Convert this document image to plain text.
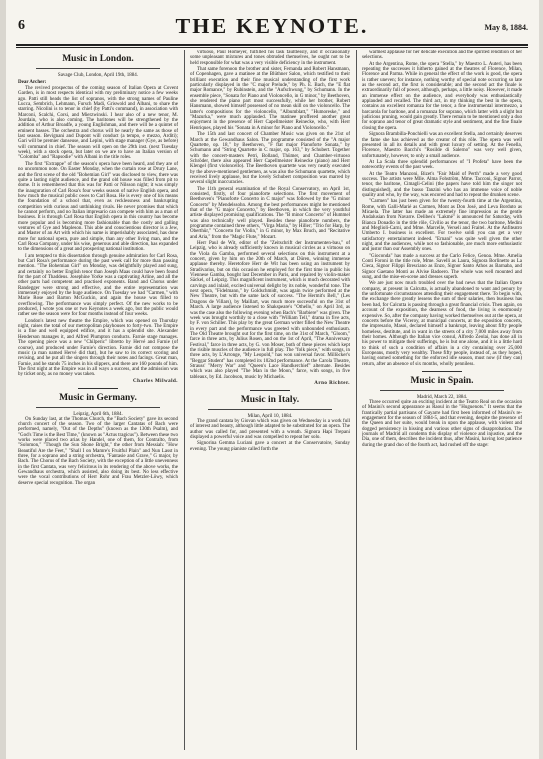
6	THE KEYNOTE.	May 8, 1884.
Music in London.
Savage Club, London, April 19th, 1884.
Dear Archer:

The revived prospectus of the coming season of Italian Opera at Covent Garden, is in most respects identical with my preliminary notice a few weeks ago. Patti still heads the list of sopranos, with the strong names of Pauline Lucca, Sembrich, Lehmann, Fursch Madi, Griswold and Albani, to share the starring. Nicolini is to tenor in chief (by Patti's command), in association with Marconi, Scalchi, Corsi, and Mierzwinski. I hear also of a new tenor, M. Jourdain, who is also coming. The baritones will be strengthened by the addition of Arthur Broadfe, a young Englishman, and there will be a quintet of eminent basses. The orchestra and chorus will be nearly the same as those of last season. Bevignani and Dupont will conduct (a tempo, e mezzo, Arditi); Gari will be premier danseuse, and Lepini, with stage manager (Gye, as before) will command in chief. The season will open on the 29th inst. (next Tuesday week), with a stock opera, but later on we are to have an Italian version of "Colomba" and "Rapsodie" with Albani in the title roles.

The first "Extrappe" of the season's opera have been heard, and they are of no uncommon note. On Easter Monday, when the curtain rose at Drury Lane, and the first scene of the old "Bohemian Girl" was disclosed to view, there was quite a lasting night audience, and the grand old house was filled from pit to dome. It is remembered that this was for Patti or Nilsson night; it was simply the inauguration of Carl Rosa's four weeks season of native English opera, and how much the musical public owes to Carl Rosa. He is every one of his means the foundation of a school that, even as recklessness and bankrupting competition with curious and unthinking rivals. He never promises that which he cannot perform, and no Italian impresario can compete with him as a man of business. It is through Carl Rosa that English opera in this country has become more popular and is becoming more fashionable than the costly and galling ventures of Gye and Mapleson. This able and conscientious director is a Jew, and Master of an Art with which his name is imperishably associated, has done more for national opera, pure and simple, than any other living man, and the Carl Rosa Company, under his wise, generous and able direction, has expanded to the dimensions of a great and prospering national institution.

I am tempted to this dissertation through genuine admiration for Carl Rosa, but Carl Rosa's performance during the past week call for more than passing mention. "The Bohemian Girl" on Monday, was delightfully played and sung, and certainly no better English tenor than Joseph Maas could have been found for the part of Thaddeus. Josephine Yorke was a captivating Arline, and all the other parts had competent and practised exponents. Band and Chorus under Randegger were strong and effective, and the entire representation was immensely enjoyed by the huge audience. On Tuesday we had "Carmen," with Marie Rose and Barton McGuckin, and again the house was filled to overflowing. The performance was simply perfect. Of the new works to be produced, I wrote you one or two Keynotes a week ago, but the public would rather see the season were for four months instead of four weeks.

London's latest new theatre the Empire, which was opened on Thursday night, raises the total of our metropolitan playhouses to forty-two. The Empire is a fine and well equipped edifice, and it has a splendid site. Alexander Henderson manages it, and Alfred Plumpton conducts. Farnie stage manages. The opening piece was a new "Chilperic" libretto by Hervé and Farnie (of course), and produced under Farnie's direction. Farnie did not compose the music (a man named Hervé did that), but he saw to its correct scoring and revising, and he put all the singers through their notes and facings. Great man, Farnie, and he stands 75 inches in his slippers, and there are 160 pounds of him. The first night at the Empire was in all ways a success, and the admission was by ticket only, as no money was taken.

Charles Milwald.
Music in Germany.
Leipzig, April 6th, 1884.

On Sunday last, at the Thomas Church, the "Bach Society" gave its second church concert of the season. Two of the larger Cantatas of Bach were performed, namely, "Out of the Depths" (known as the 130th Psalm), and "God's Time is the Best Time," (known as "Actus tragicus"). Between these two works were placed two arias by Handel, one of them, for Contralto, from "Solomon," "Though the Sun Shone Bright," the other from Messiah: "How Beautiful Are the Feet," "Shall I on Mamre's Fruitful Plain" and Nun Lasst in three, for a soprano and a string orchestra, "Fantasie and Grave," G major, by Bach. The Chorus of the Bach Society, with the exception of a little unevenness in the first Cantata, was very felicitous in its rendering of the above works, the Gewandhaus orchestra, which assisted, also doing its best. No less effective were the vocal contributions of Herr Rohr and Frau Metzler-Löwy, which deserve special recognition. The organ

virtuoso, Paul Homeyer, fulfilled his task faultlessly, and if occasionally some unpleasant mixtures and tones obtruded themselves, he ought not to be held responsible for what was a very visible deficiency in the instrument.

That same forenoon the brother and sister, Fernanda and Robert Hansmann, of Copenhagen, gave a matinee at the Blüthner Salon, which testified to their brilliant execution and their fine musical understanding of the first work particularly displayed in the "C major Prelude," by Ph. E. Bach, the "E flat major Romance," by Rubinstein, and the "Aufschwung," by Schumann. In the ensemble piece, "Sonata for Piano and Violoncello, in G minor," by Beethoven, she rendered the piano part most successfully, while her brother, Robert Hansmann, showed himself possessed of no mean skill on the violoncello. The latter's compositions for the violoncello, "Albumblatt," "Humoreske," and "Mazurka," were much applauded. The matinee proffered another great enjoyment in the presence of Herr Capellmeister Reinecke, who, with Herr Henriques, played his "Sonata in A minor for Piano and Violoncello."

The 15th and last concert of Chamber Music was given on the 21st of March at the Gewandhaus Salon. The programme consisted of the "A major Quartette, op. 18," by Beethoven, "F flat major Pianoforte Sonata," by Schumann and "String Quartette in C major, op. 163," by Schubert. Together with the concert-masters Petri, Bolland, Thümer, and Chamber-virtuoso Schröder, there also appeared Herr Capellmeister Reinecke (piano) and Herr Klengel (first violoncello). The Beethoven quartette was very neatly executed by the above-mentioned gentlemen, as was also the Schumann quartette, which received lively applause, but the lovely Schubert composition was marred by several slight inaccuracies.

The 11th general examination of the Royal Conservatory, on April 1st, consisted, firstly, of four pianoforte selections. The first movement of Beethoven's "Pianoforte Concerto in C major" was followed by the "G minor Concerto" by Mendelssohn. Among the best performances might be mentioned that of the "G major Concerto," by Beethoven, in which the very youthful artiste displayed promising qualifications. The "B minor Concerto" of Hummel was also technically well played. Besides these pianoforte numbers, the programme contained three others, "Virga Maria," by Hiller; "Trio for Harp, by Oberthür," "Concerto for Violin," in G minor, by Max Bruch, and "Recitative and Aria," from the "Magic Flute," Mozart.

Herr Paul de Wit, editor of the "Zeitschrift der Instrumenten-bau," of Leipzig, who is already sufficiently known in musical circles as a virtuoso on the Viola da Gamba, performed several selections on this instrument at a concert, given by him on the 20th of March, at Düren, winning immense applause thereby. Heretofore Herr de Wit has been using an instrument by Stradivarius, but on this occasion he employed for the first time in public his Viennese Gamba, bought last December in Paris, and repaired by violin-maker Säckel, of Leipzig. This magnificent instrument, which is much decorated with carvings and inlaid, excited universal delight by its noble, wonderful tone. The next opera, "Fidelmann," by Goldschmidt, was again twice performed at the New Theatre, but with the same lack of success. "The Hermit's Bell," (Les Dragons de Villars), by Maillart, was much more successful on the 31st of March. A large audience listened to Shakspeare's "Othello," on April 3rd, as was the case also the following evening when Bach's "Barbiere" was given. The week was brought worthily to a close with "William Tell," drama in five acts, by F. von Schiller. This play by the great German writer filled the New Theatre in every part and the performance was greeted with unbounded enthusiasm. The Old Theatre brought out for the first time, on the 31st of March, "Gloom," farce in three acts, by Julius Rosen, and on the 1st of April, "The Anniversary Festival," farce in three acts, by G. von Moser, both of these pieces which kept the risible muscles of the audience in full play. The "folk piece," with songs, in three acts, by L'Arronge, "My Leopold," has won universal favor. Millöcker's "Beggar Student" has completed its 102nd performance. At the Carola Theatre, Strauss' "Merry War" and "Queen's Lace Handkerchief" alternate. Besides which was also played "The Man in the Moon," farce, with songs, in five tableaux, by Ed. Jacobson, music by Michaelis.

Arno Richter.
Music in Italy.
Milan, April 10, 1884.

The grand cantata by Giovan which was given on Wednesday is a work full of interest and beauty, although little adapted to be substituted for an opera. The author was called for, and presented with a wreath. Signora Hapi Trepani displayed a powerful voice and was compelled to repeat her solo.

Signorina Gemma Luciani gave a concert at the Conservatoire, Sunday evening. The young pianiste called forth the

warmest applause for her delicate execution and the spirited rendition of her selections.

At the Argentina, Rome, the opera "Stella," by Maestro L. Auteri, has been repeating the successes it hitherto gained at the theatres of Florence, Milan, Florence and Parma. While in general the effect of the work is good, the opera is rather uneven; for instance, nothing worthy of special note occurring so late as the second act, the first is considerable; and the second act the finale is extraordinarily full of power, although, perhaps, a little noisy. However, it made an immense effect on the audience, and everybody was enthusiastically applauded and recalled. The third act, in my thinking the best in the opera, contains an excellent romanza for the tenor, a fine instrumental intermezzo, a barcarola for baritone, and a romanza for soprano, which latter with a slight but judicious pruning, would gain greatly. There remain to be mentioned only a duo for soprano and tenor of great dramatic style and sentiment, and the fine finale closing the opera.

Signora Brambilla-Ponchielli was an excellent Stella, and certainly deserves the fame she has achieved as the creator of this rôle. The opera was well presented in all its details and with great luxury of setting. At the Fenella, Florence, Maestro Bacchi's "Rosilde di Salerno" was very well given, unfortunately, however, to only a small audience.

At La Scala three splendid performances of "I Profeta" have been the noteworthy events of the past week.

At the Teatro Manzoni, Bizet's "Fair Maid of Perth" made a very good success. The artists were Mlle. Alma Fohström, Mme. Tacconi, Signor Parrot, tenor, the baritone, Cimagli-Celini (the papers have told him the singer not distinguished), and the basso Tanzini who has an immense voice of noble quality and who, by the way, was encored and had to repeat the drunken scene.

"Carmen" has just been given for the twenty-fourth time at the Argentina, Rome, with Galli-Marié as Carmen, Mont as Don José, and Leva Borduto as Micaela. The latter has made an extremely fine impression as the gentle Andalusian from Navarre. Delibes's "Lakmé" is announced for Saturday, with Bianca Donadio in the title rôle, Civilio as the tenor, the two baritone, Medini and Meglioli-Carni, and Mme. Marcelle, Verseli and Fraitel. At the Anfiteatro Umberto I. business is excellent. For twelve soldi you can get a very satisfactory entertainment indeed. "Ernani" was quite well given the other night, and the audiences, while not so fashionable, are much more enthusiastic and justor than our Assembly ones.

"Gioconda" has made a success at the Carlo Felice, Genoa. Mme. Amelia Conti Foroni in the title role, Mme. Savelli as Laura, Signora Borlinetto as La Cieca, Signor Filippi Bresciano as Enzo, Signor Santo Athos as Barnaba, and Signor Gaetano Monti as Alvise Badoero. The whole was well mounted and sung, and the mise-en-scene and dresses superb.

We are just now much troubled over the bad news that the Italian Opera company, at present in Calcutta, is actually abandoned to want and penury by the unfortunate circumstances attending their engagement there. To begin with, the exchange there greatly lessens the sum of their salaries, then business has been bad, for Calcutta is passing through a great financial crisis. Then again, on account of the exposition, the dearness of food, the living is enormously expensive. So, after the company having worked themselves out at the opera, at concerts before the Viceroy, at municipal concerts, at the exposition concerts, the impresario, Masoi, declared himself a bankrupt, leaving about fifty people homeless, destitute, and in want in the streets of a city 7,000 miles away from their homes. Although the Italian vice consul, Alfredo Zeolai, has done all in his power to mitigate their sufferings, he is but one alone, and it is a little hard to think of such a condition of affairs in a city containing over 25,000 Europeans, mostly very wealthy. These fifty people, instead of, as they hoped, having earned something for the enforced idle season, must now (if they can) return, after an absence of six months, wholly penniless.

Music in Spain.
Madrid, March 22, 1884.

Three occurred quite an exciting incident at the Teatro Real on the occasion of Masini's second appearance as Raoul in the "Huguenots." It seems that the frantically partial partisans of Gayarre had first been informed of Masini's re-engagement for the season of 1884-5, and that evening, despite the presence of the Queen and her suite, would break in upon the applause, with violent and dogged persistency in hissing and various other signs of disapprobation. The journals of Madrid all condemn this display of violence and injustice, and the Dia, one of them, describes the incident thus, after Masini, having lost patience during the grand duo of the fourth act, had rushed off the stage:
